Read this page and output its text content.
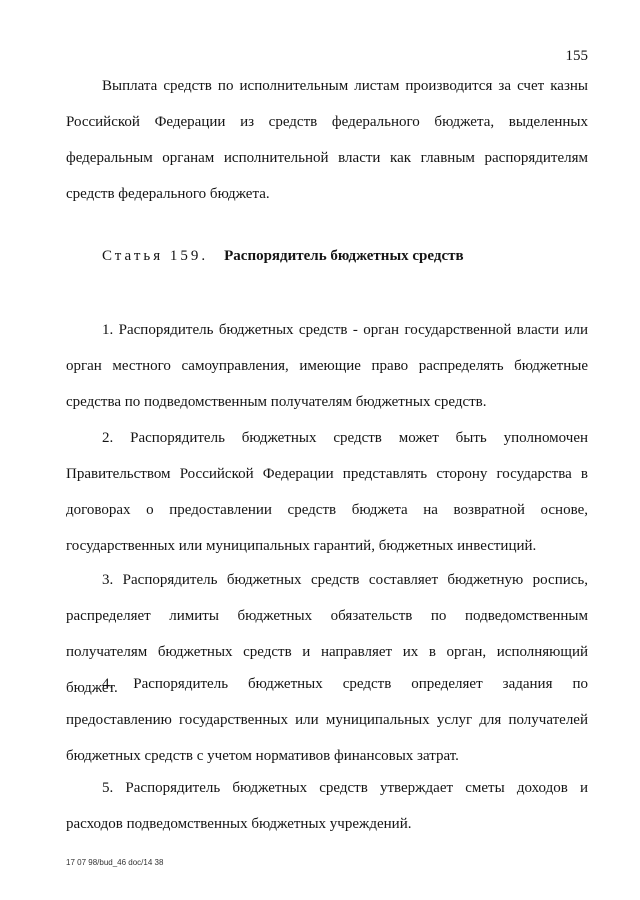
155

Выплата средств по исполнительным листам производится за счет казны Российской Федерации из средств федерального бюджета, выделенных федеральным органам исполнительной власти как главным распорядителям средств федерального бюджета.

Статья 159. Распорядитель бюджетных средств

1. Распорядитель бюджетных средств - орган государственной власти или орган местного самоуправления, имеющие право распределять бюджетные средства по подведомственным получателям бюджетных средств.

2. Распорядитель бюджетных средств может быть уполномочен Правительством Российской Федерации представлять сторону государства в договорах о предоставлении средств бюджета на возвратной основе, государственных или муниципальных гарантий, бюджетных инвестиций.

3. Распорядитель бюджетных средств составляет бюджетную роспись, распределяет лимиты бюджетных обязательств по подведомственным получателям бюджетных средств и направляет их в орган, исполняющий бюджет.

4. Распорядитель бюджетных средств определяет задания по предоставлению государственных или муниципальных услуг для получателей бюджетных средств с учетом нормативов финансовых затрат.

5. Распорядитель бюджетных средств утверждает сметы доходов и расходов подведомственных бюджетных учреждений.

17 07 98/bud_46 doc/14 38
